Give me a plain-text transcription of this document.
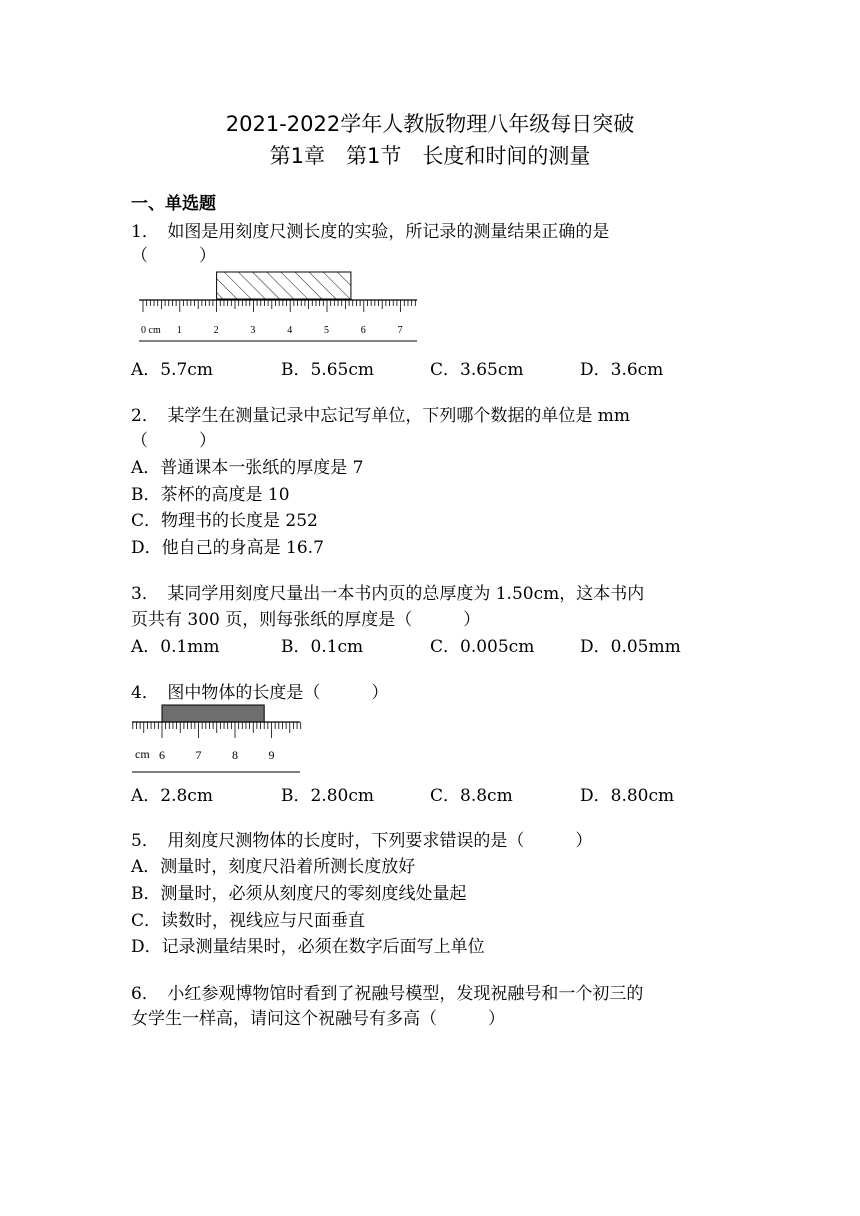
2021-2022学年人教版物理八年级每日突破
第1章　第1节　长度和时间的测量
一、单选题
1．　如图是用刻度尺测长度的实验，所记录的测量结果正确的是
（　　　）
0 cm 1	2	3	4	5	6	7
A．5.7cm	B．5.65cm	C．3.65cm	D．3.6cm
2．　某学生在测量记录中忘记写单位，下列哪个数据的单位是 mm
（　　　）
A．普通课本一张纸的厚度是 7
B．茶杯的高度是 10
C．物理书的长度是 252
D．他自己的身高是 16.7
3．　某同学用刻度尺量出一本书内页的总厚度为 1.50cm，这本书内
页共有 300 页，则每张纸的厚度是（　　　）
A．0.1mm	B．0.1cm	C．0.005cm	D．0.05mm
4．　图中物体的长度是（　　　）
cm 6	7	8	9
A．2.8cm	B．2.80cm	C．8.8cm	D．8.80cm
5．　用刻度尺测物体的长度时，下列要求错误的是（　　　）
A．测量时，刻度尺沿着所测长度放好
B．测量时，必须从刻度尺的零刻度线处量起
C．读数时，视线应与尺面垂直
D．记录测量结果时，必须在数字后面写上单位
6．　小红参观博物馆时看到了祝融号模型，发现祝融号和一个初三的
女学生一样高，请问这个祝融号有多高（　　　）
